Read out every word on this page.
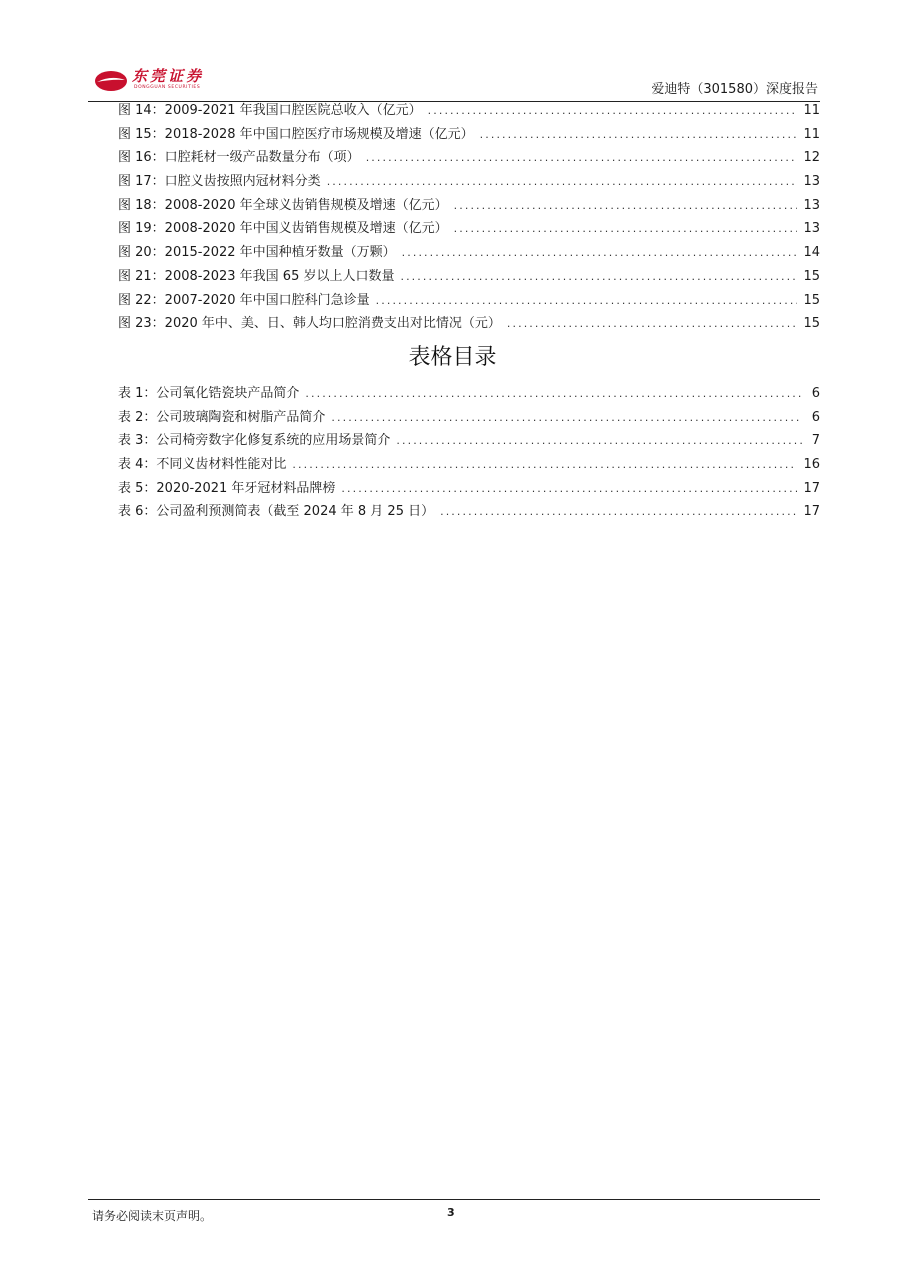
东莞证券
DONGGUAN SECURITIES	爱迪特（301580）深度报告
图 14：2009-2021 年我国口腔医院总收入（亿元） .....	11
图 15：2018-2028 年中国口腔医疗市场规模及增速（亿元） .....	11
图 16：口腔耗材一级产品数量分布（项） .....	12
图 17：口腔义齿按照内冠材料分类 .....	13
图 18：2008-2020 年全球义齿销售规模及增速（亿元） .....	13
图 19：2008-2020 年中国义齿销售规模及增速（亿元） .....	13
图 20：2015-2022 年中国种植牙数量（万颗） .....	14
图 21：2008-2023 年我国 65 岁以上人口数量 .....	15
图 22：2007-2020 年中国口腔科门急诊量 .....	15
图 23：2020 年中、美、日、韩人均口腔消费支出对比情况（元） .....	15
表格目录
表 1：公司氧化锆瓷块产品简介 .....	6
表 2：公司玻璃陶瓷和树脂产品简介 .....	6
表 3：公司椅旁数字化修复系统的应用场景简介 .....	7
表 4：不同义齿材料性能对比 .....	16
表 5：2020-2021 年牙冠材料品牌榜 .....	17
表 6：公司盈利预测简表（截至 2024 年 8 月 25 日） .....	17
请务必阅读末页声明。	3
